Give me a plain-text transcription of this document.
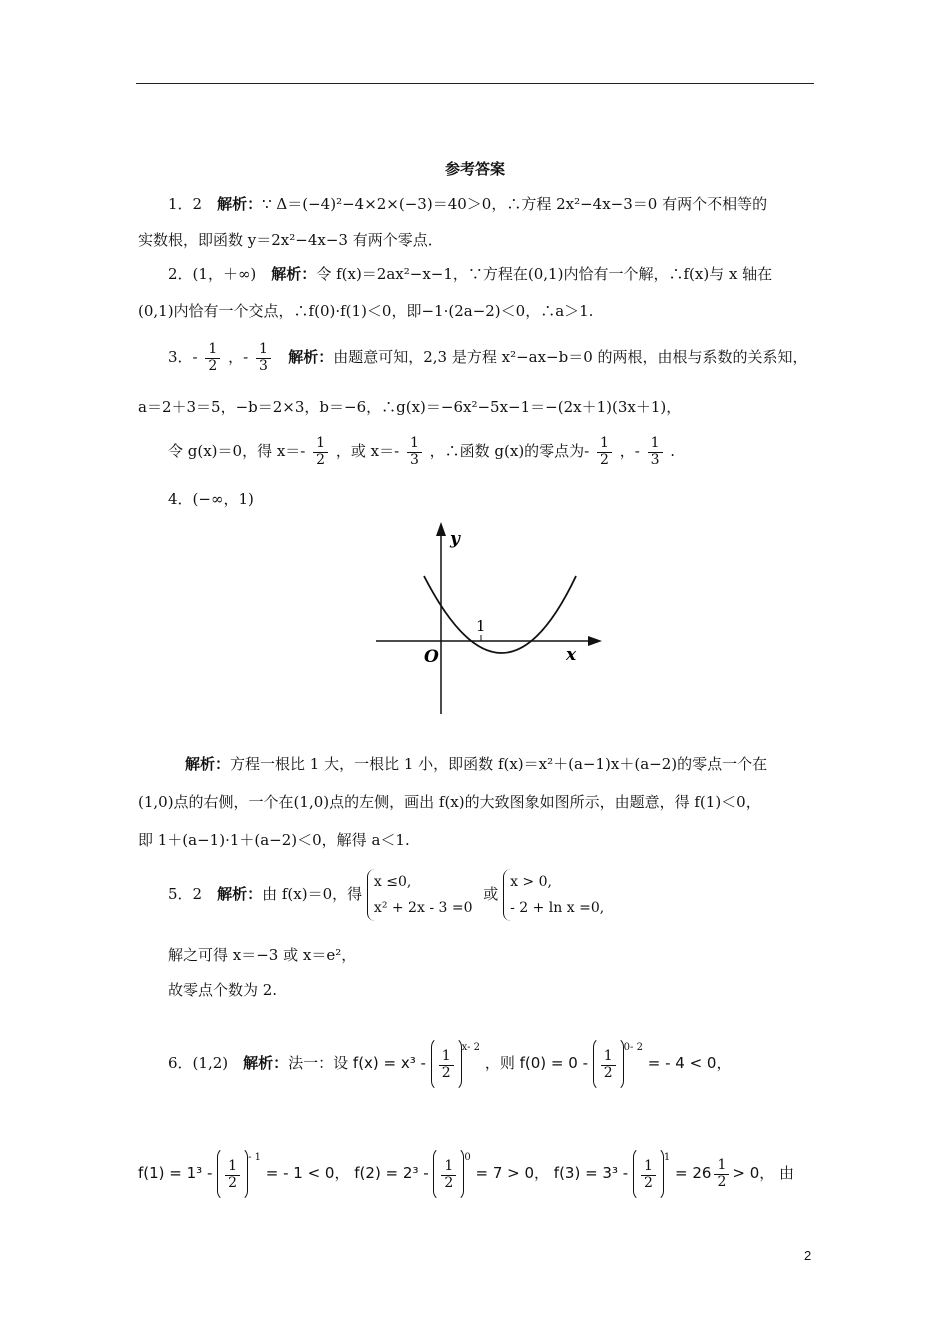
参考答案
1．2　解析：∵ Δ＝(−4)²−4×2×(−3)＝40＞0，∴方程 2x²−4x−3＝0 有两个不相等的
实数根，即函数 y＝2x²−4x−3 有两个零点．
2．(1，＋∞)　解析：令 f(x)＝2ax²−x−1，∵方程在(0,1)内恰有一个解，∴f(x)与 x 轴在
(0,1)内恰有一个交点，∴f(0)·f(1)＜0，即−1·(2a−2)＜0，∴a＞1.
3．- $\frac{1}{2}$ ，- $\frac{1}{3}$ 解析：由题意可知，2,3 是方程 x²−ax−b＝0 的两根，由根与系数的关系知，
a＝2＋3＝5，−b＝2×3，b＝−6，∴g(x)＝−6x²−5x−1＝−(2x＋1)(3x＋1)，
令 g(x)＝0，得 $x=- \frac{1}{2}$ ，或 $x=- \frac{1}{3}$ ，∴函数 g(x)的零点为- $\frac{1}{2}$ ，- $\frac{1}{3}$ .
4．(−∞，1)
y
x
O
1
解析：方程一根比 1 大，一根比 1 小，即函数 f(x)＝x²＋(a−1)x＋(a−2)的零点一个在
(1,0)点的右侧，一个在(1,0)点的左侧，画出 f(x)的大致图象如图所示，由题意，得 f(1)＜0，
即 1＋(a−1)·1＋(a−2)＜0，解得 a＜1.
5．2　解析：由 f(x)＝0，得
x ≤0,
x² + 2x - 3 =0
或
x > 0,
- 2 + ln x =0,
解之可得 x＝−3 或 x＝e²，
故零点个数为 2.
6．(1,2)　解析：法一：设 $f(x) = x^3 - \frac{1}{2}$
$^{x- 2}$ ，则 $f(0) = 0 - \frac{1}{2}$
$^{0- 2}$ = - 4 < 0，
$f(1) = 1^3 - \frac{1}{2}$
$^{- 1}$ = - 1 < 0， $f(2) = 2^3 - \frac{1}{2}$
$^0$ = 7 > 0， $f(3) = 3^3 - \frac{1}{2}$
$^1 = 26 \frac{1}{2} > 0$， 由
2
